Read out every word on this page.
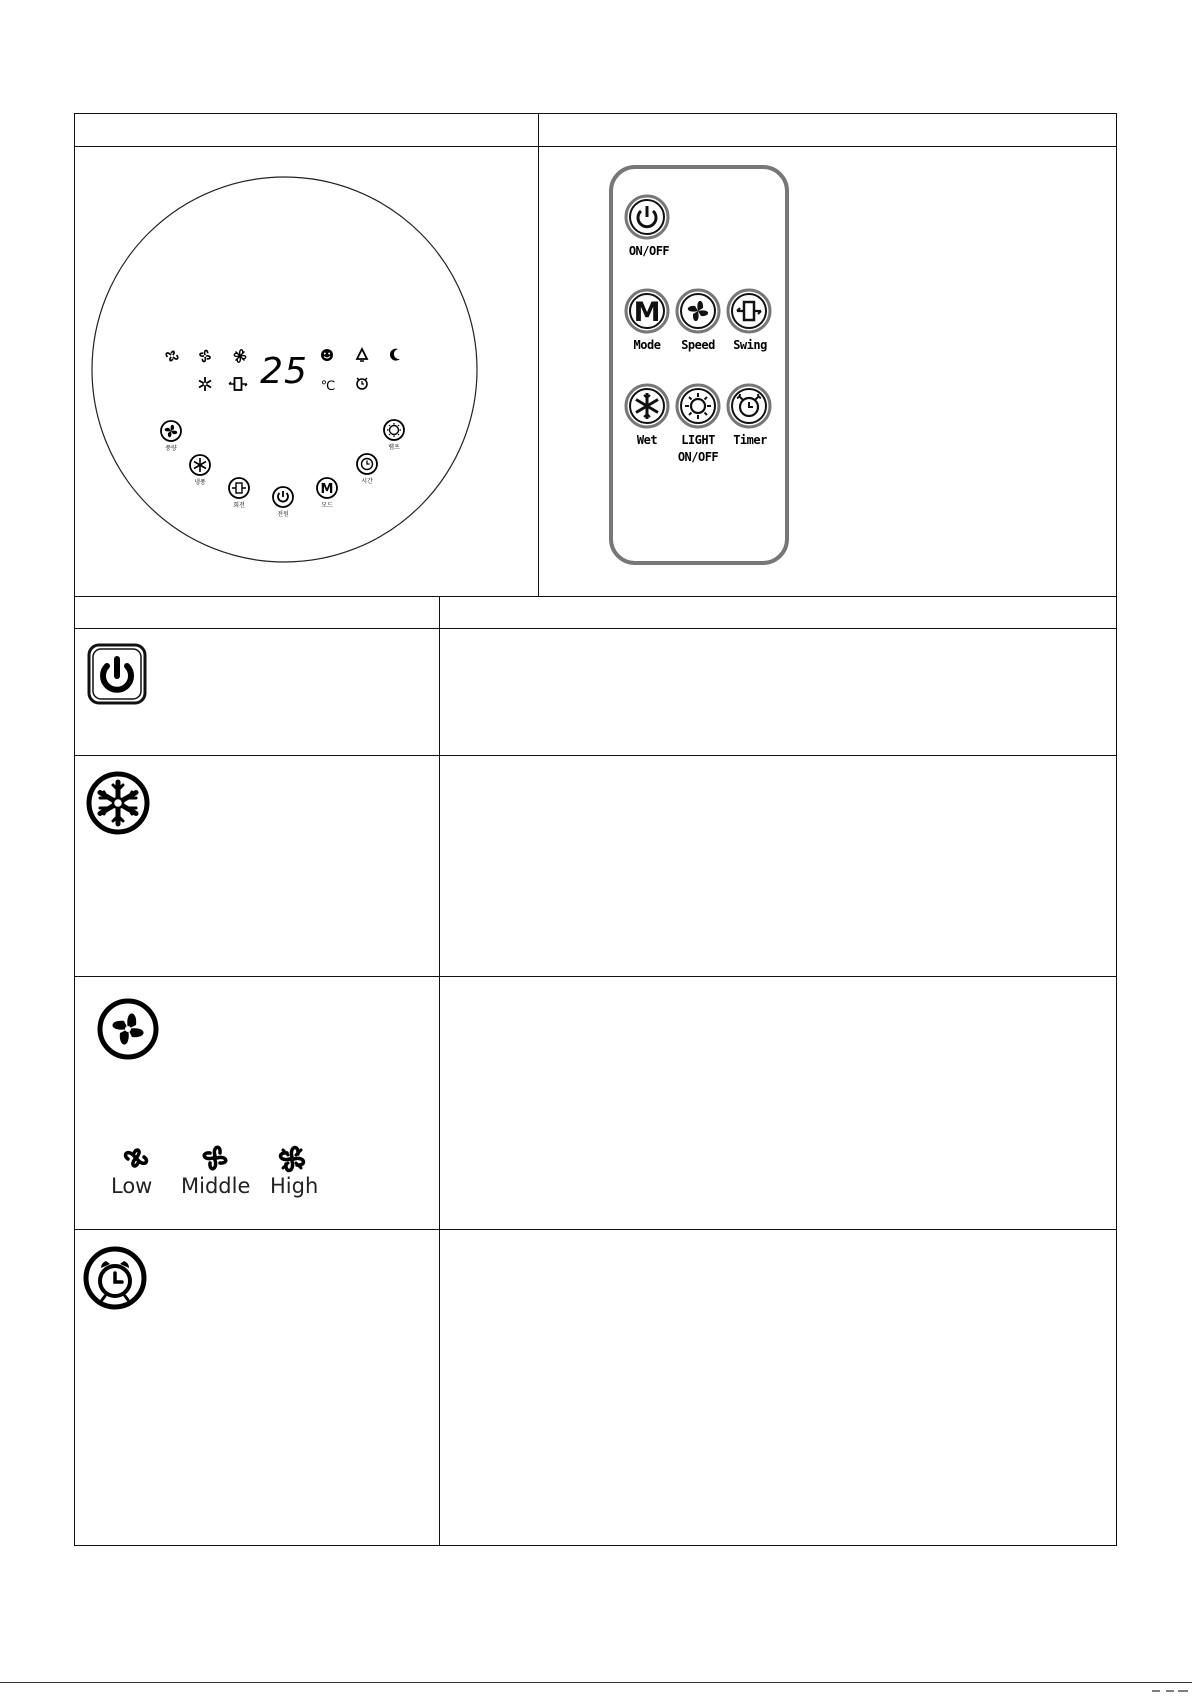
25 ℃
M
풍량
냉풍
회전
전원
모드
시간
램프
M
ON/OFF
Mode Speed Swing
Wet LIGHT
ON/OFF
Timer
Low Middle High
